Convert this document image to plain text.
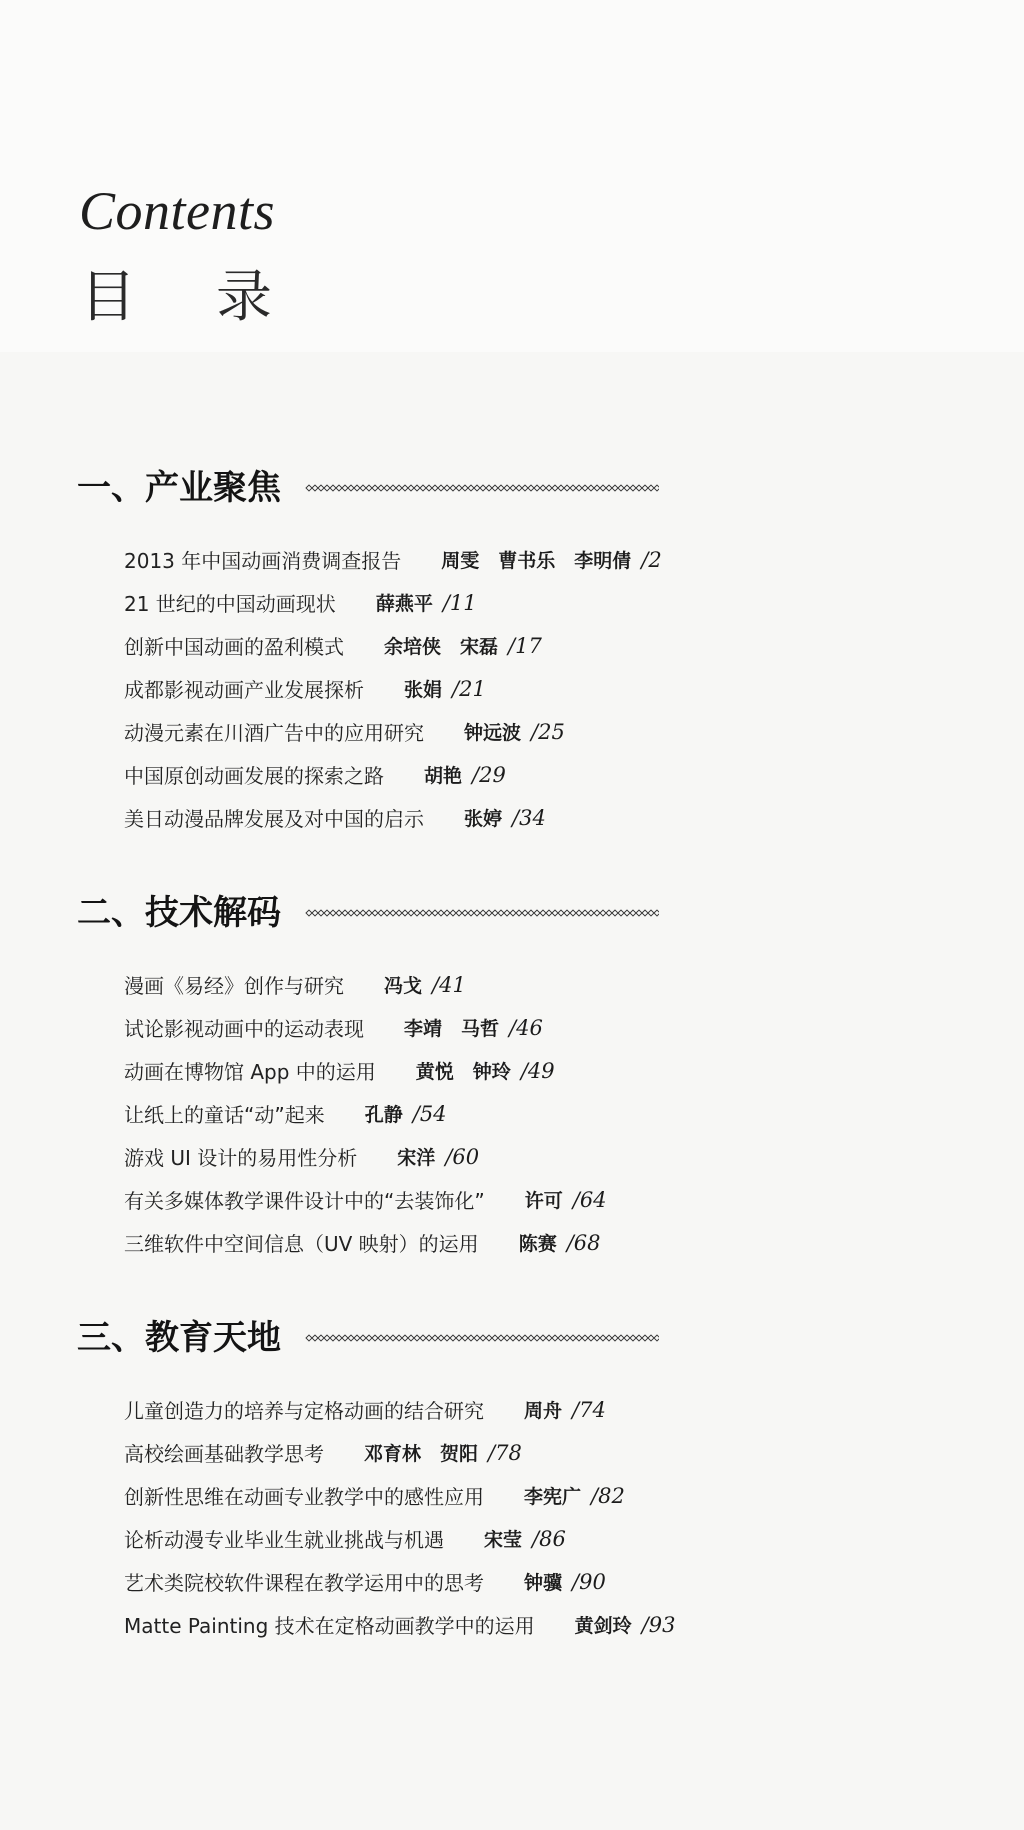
Contents
目录
一、产业聚焦
2013 年中国动画消费调查报告 周雯　曹书乐　李明倩 /2
21 世纪的中国动画现状 薛燕平 /11
创新中国动画的盈利模式 余培侠　宋磊 /17
成都影视动画产业发展探析 张娟 /21
动漫元素在川酒广告中的应用研究 钟远波 /25
中国原创动画发展的探索之路 胡艳 /29
美日动漫品牌发展及对中国的启示 张婷 /34
二、技术解码
漫画《易经》创作与研究 冯戈 /41
试论影视动画中的运动表现 李靖　马哲 /46
动画在博物馆 App 中的运用 黄悦　钟玲 /49
让纸上的童话“动”起来 孔静 /54
游戏 UI 设计的易用性分析 宋洋 /60
有关多媒体教学课件设计中的“去装饰化” 许可 /64
三维软件中空间信息（UV 映射）的运用 陈赛 /68
三、教育天地
儿童创造力的培养与定格动画的结合研究 周舟 /74
高校绘画基础教学思考 邓育林　贺阳 /78
创新性思维在动画专业教学中的感性应用 李宪广 /82
论析动漫专业毕业生就业挑战与机遇 宋莹 /86
艺术类院校软件课程在教学运用中的思考 钟骥 /90
Matte Painting 技术在定格动画教学中的运用 黄剑玲 /93
